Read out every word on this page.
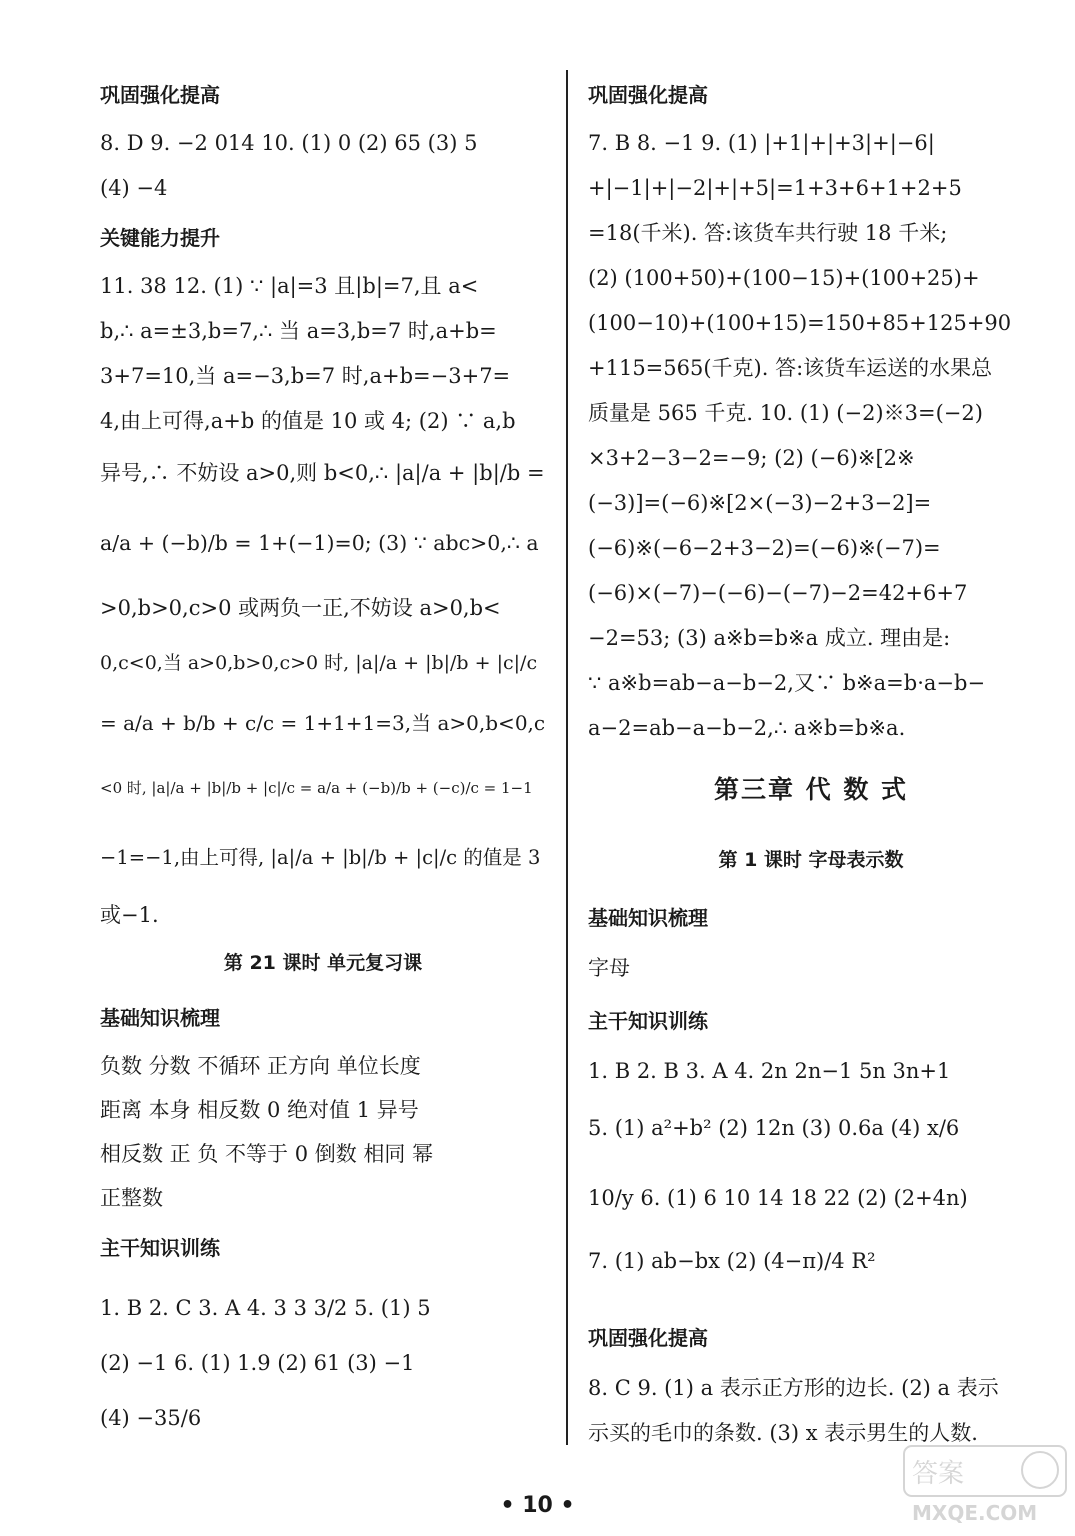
巩固强化提高
8. D 9. −2 014 10. (1) 0 (2) 65 (3) 5
(4) −4
关键能力提升
11. 38 12. (1) ∵ |a|=3 且|b|=7,且 a<
b,∴ a=±3,b=7,∴ 当 a=3,b=7 时,a+b=
3+7=10,当 a=−3,b=7 时,a+b=−3+7=
4,由上可得,a+b 的值是 10 或 4; (2) ∵ a,b
异号,∴ 不妨设 a>0,则 b<0,∴ |a|/a + |b|/b =
a/a + (−b)/b = 1+(−1)=0; (3) ∵ abc>0,∴ a
>0,b>0,c>0 或两负一正,不妨设 a>0,b<
0,c<0,当 a>0,b>0,c>0 时, |a|/a + |b|/b + |c|/c
= a/a + b/b + c/c = 1+1+1=3,当 a>0,b<0,c
<0 时, |a|/a + |b|/b + |c|/c = a/a + (−b)/b + (−c)/c = 1−1
−1=−1,由上可得, |a|/a + |b|/b + |c|/c 的值是 3
或−1.
第 21 课时 单元复习课
基础知识梳理
负数 分数 不循环 正方向 单位长度
距离 本身 相反数 0 绝对值 1 异号
相反数 正 负 不等于 0 倒数 相同 幂
正整数
主干知识训练
1. B 2. C 3. A 4. 3 3 3/2 5. (1) 5
(2) −1 6. (1) 1.9 (2) 61 (3) −1
(4) −35/6
巩固强化提高
7. B 8. −1 9. (1) |+1|+|+3|+|−6|
+|−1|+|−2|+|+5|=1+3+6+1+2+5
=18(千米). 答:该货车共行驶 18 千米;
(2) (100+50)+(100−15)+(100+25)+
(100−10)+(100+15)=150+85+125+90
+115=565(千克). 答:该货车运送的水果总
质量是 565 千克. 10. (1) (−2)※3=(−2)
×3+2−3−2=−9; (2) (−6)※[2※
(−3)]=(−6)※[2×(−3)−2+3−2]=
(−6)※(−6−2+3−2)=(−6)※(−7)=
(−6)×(−7)−(−6)−(−7)−2=42+6+7
−2=53; (3) a※b=b※a 成立. 理由是:
∵ a※b=ab−a−b−2,又∵ b※a=b·a−b−
a−2=ab−a−b−2,∴ a※b=b※a.
第三章 代 数 式
第 1 课时 字母表示数
基础知识梳理
字母
主干知识训练
1. B 2. B 3. A 4. 2n 2n−1 5n 3n+1
5. (1) a²+b² (2) 12n (3) 0.6a (4) x/6
10/y 6. (1) 6 10 14 18 22 (2) (2+4n)
7. (1) ab−bx (2) (4−π)/4 R²
巩固强化提高
8. C 9. (1) a 表示正方形的边长. (2) a 表示
示买的毛巾的条数. (3) x 表示男生的人数.
• 10 •
答案
MXQE.COM
